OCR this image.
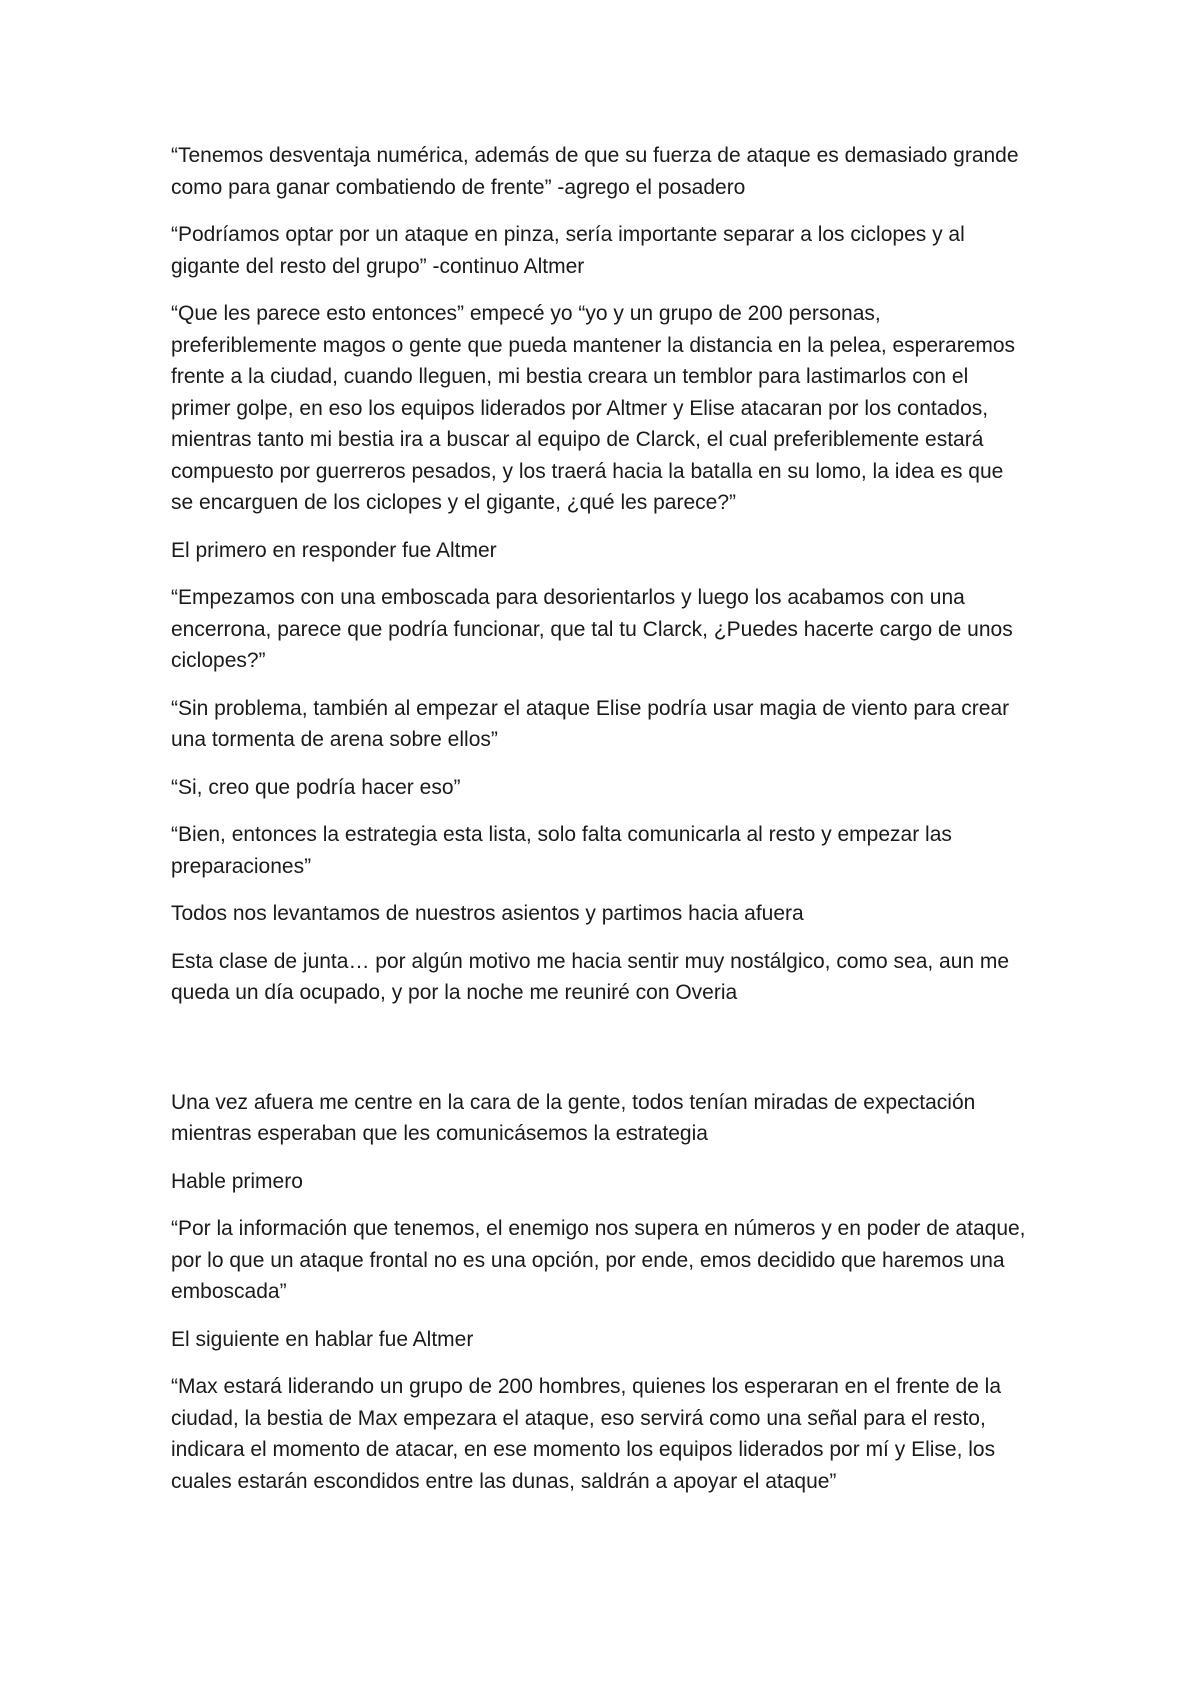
“Tenemos desventaja numérica, además de que su fuerza de ataque es demasiado grande como para ganar combatiendo de frente” -agrego el posadero

“Podríamos optar por un ataque en pinza, sería importante separar a los ciclopes y al gigante del resto del grupo” -continuo Altmer

“Que les parece esto entonces” empecé yo “yo y un grupo de 200 personas, preferiblemente magos o gente que pueda mantener la distancia en la pelea, esperaremos frente a la ciudad, cuando lleguen, mi bestia creara un temblor para lastimarlos con el primer golpe, en eso los equipos liderados por Altmer y Elise atacaran por los contados, mientras tanto mi bestia ira a buscar al equipo de Clarck, el cual preferiblemente estará compuesto por guerreros pesados, y los traerá hacia la batalla en su lomo, la idea es que se encarguen de los ciclopes y el gigante, ¿qué les parece?”

El primero en responder fue Altmer

“Empezamos con una emboscada para desorientarlos y luego los acabamos con una encerrona, parece que podría funcionar, que tal tu Clarck, ¿Puedes hacerte cargo de unos ciclopes?”

“Sin problema, también al empezar el ataque Elise podría usar magia de viento para crear una tormenta de arena sobre ellos”

“Si, creo que podría hacer eso”

“Bien, entonces la estrategia esta lista, solo falta comunicarla al resto y empezar las preparaciones”

Todos nos levantamos de nuestros asientos y partimos hacia afuera

Esta clase de junta… por algún motivo me hacia sentir muy nostálgico, como sea, aun me queda un día ocupado, y por la noche me reuniré con Overia

Una vez afuera me centre en la cara de la gente, todos tenían miradas de expectación mientras esperaban que les comunicásemos la estrategia

Hable primero

“Por la información que tenemos, el enemigo nos supera en números y en poder de ataque, por lo que un ataque frontal no es una opción, por ende, emos decidido que haremos una emboscada”

El siguiente en hablar fue Altmer

“Max estará liderando un grupo de 200 hombres, quienes los esperaran en el frente de la ciudad, la bestia de Max empezara el ataque, eso servirá como una señal para el resto, indicara el momento de atacar, en ese momento los equipos liderados por mí y Elise, los cuales estarán escondidos entre las dunas, saldrán a apoyar el ataque”
